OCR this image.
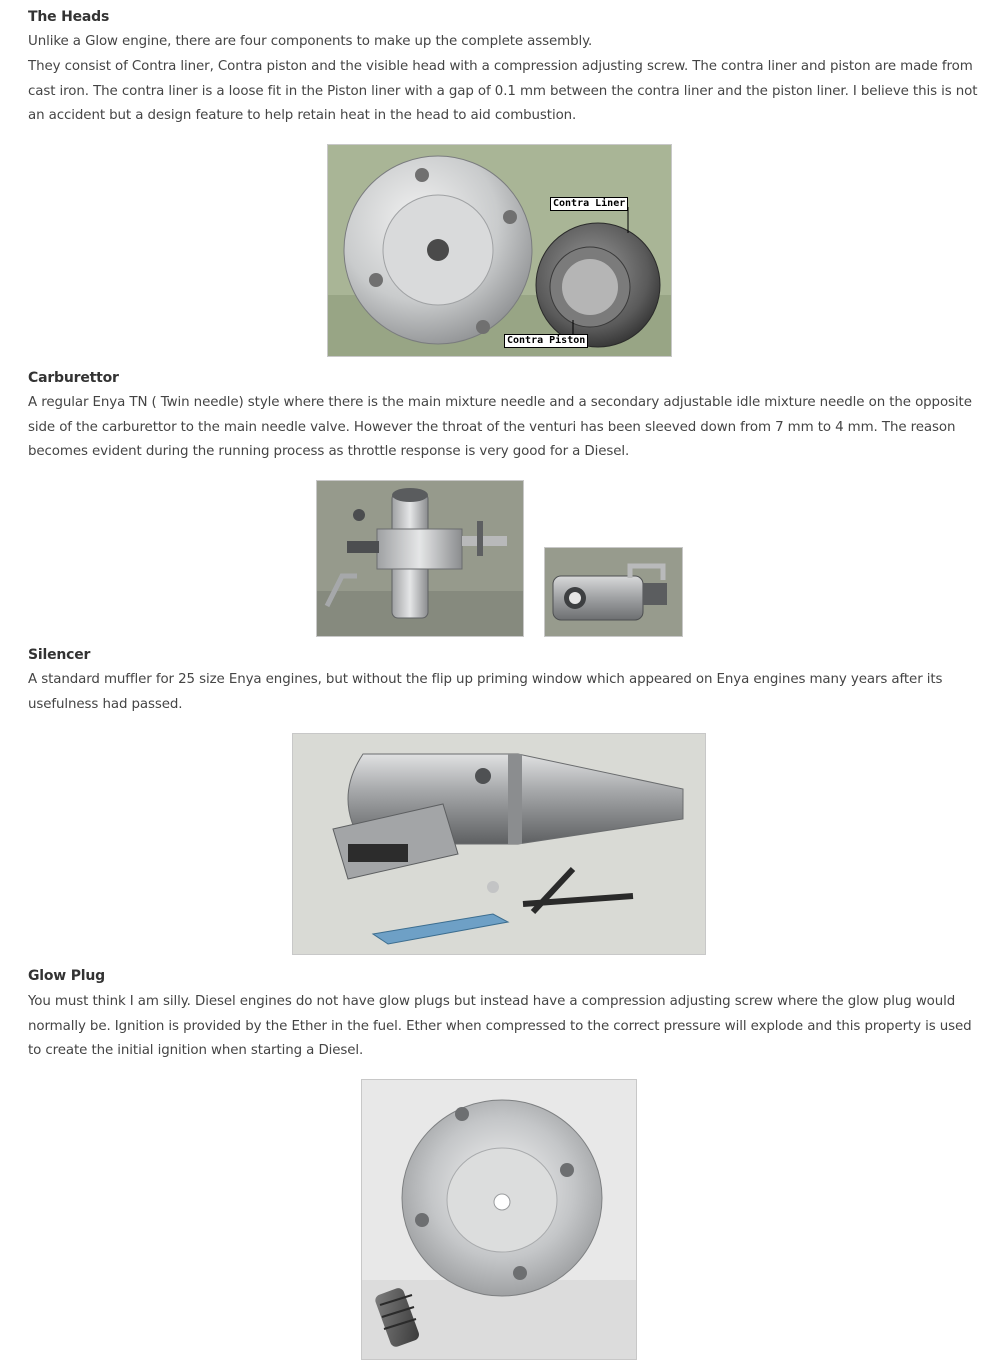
The Heads
Unlike a Glow engine, there are four components to make up the complete assembly.
They consist of Contra liner, Contra piston and the visible head with a compression adjusting screw. The contra liner and piston are made from cast iron. The contra liner is a loose fit in the Piston liner with a gap of 0.1 mm between the contra liner and the piston liner. I believe this is not an accident but a design feature to help retain heat in the head to aid combustion.
Contra Liner
Contra Piston
Carburettor
A regular Enya TN ( Twin needle) style where there is the main mixture needle and a secondary adjustable idle mixture needle on the opposite side of the carburettor to the main needle valve. However the throat of the venturi has been sleeved down from 7 mm to 4 mm. The reason becomes evident during the running process as throttle response is very good for a Diesel.
Silencer
A standard muffler for 25 size Enya engines, but without the flip up priming window which appeared on Enya engines many years after its usefulness had passed.
Glow Plug
You must think I am silly. Diesel engines do not have glow plugs but instead have a compression adjusting screw where the glow plug would normally be. Ignition is provided by the Ether in the fuel. Ether when compressed to the correct pressure will explode and this property is used to create the initial ignition when starting a Diesel.
